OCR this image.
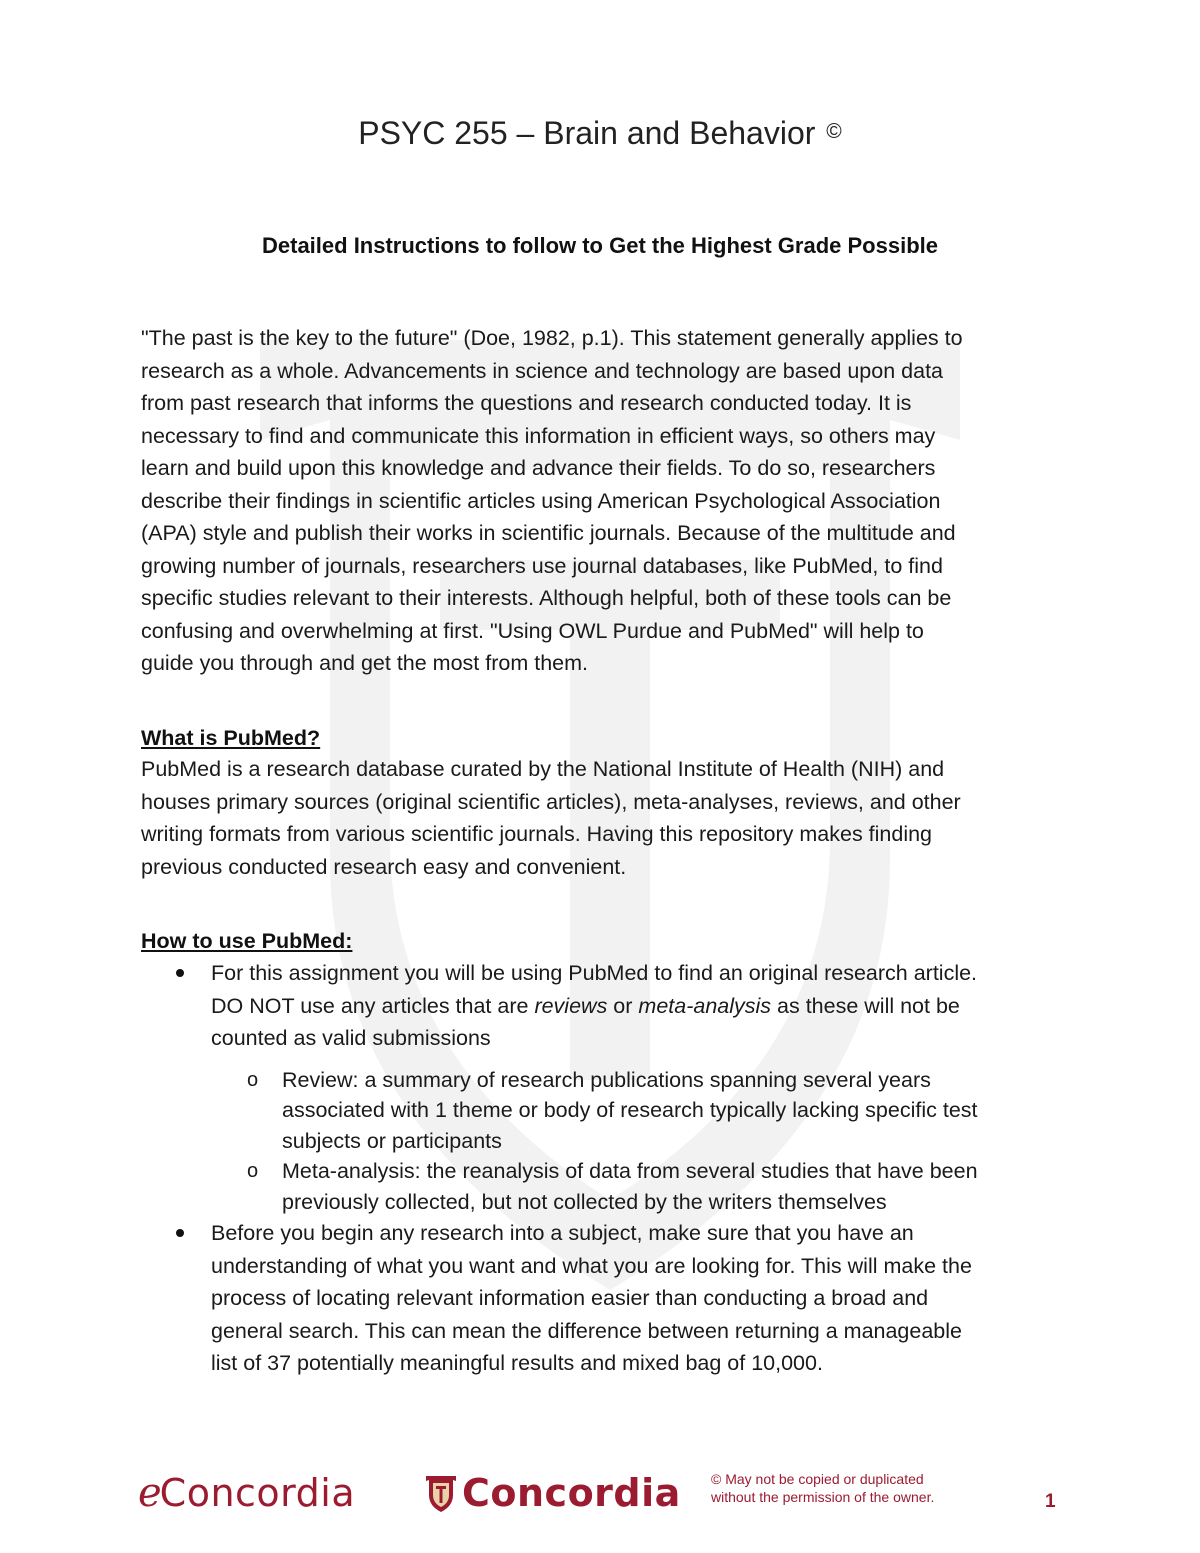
PSYC 255 – Brain and Behavior ©
Detailed Instructions to follow to Get the Highest Grade Possible
"The past is the key to the future" (Doe, 1982, p.1). This statement generally applies to
research as a whole. Advancements in science and technology are based upon data
from past research that informs the questions and research conducted today. It is
necessary to find and communicate this information in efficient ways, so others may
learn and build upon this knowledge and advance their fields. To do so, researchers
describe their findings in scientific articles using American Psychological Association
(APA) style and publish their works in scientific journals. Because of the multitude and
growing number of journals, researchers use journal databases, like PubMed, to find
specific studies relevant to their interests. Although helpful, both of these tools can be
confusing and overwhelming at first. "Using OWL Purdue and PubMed" will help to
guide you through and get the most from them.
What is PubMed?
PubMed is a research database curated by the National Institute of Health (NIH) and
houses primary sources (original scientific articles), meta-analyses, reviews, and other
writing formats from various scientific journals. Having this repository makes finding
previous conducted research easy and convenient.
How to use PubMed:
For this assignment you will be using PubMed to find an original research article.
DO NOT use any articles that are reviews or meta-analysis as these will not be
counted as valid submissions
o Review: a summary of research publications spanning several years
associated with 1 theme or body of research typically lacking specific test
subjects or participants
o Meta-analysis: the reanalysis of data from several studies that have been
previously collected, but not collected by the writers themselves
Before you begin any research into a subject, make sure that you have an
understanding of what you want and what you are looking for. This will make the
process of locating relevant information easier than conducting a broad and
general search. This can mean the difference between returning a manageable
list of 37 potentially meaningful results and mixed bag of 10,000.
e
Concordia	Concordia © May not be copied or duplicated
without the permission of the owner.	1
